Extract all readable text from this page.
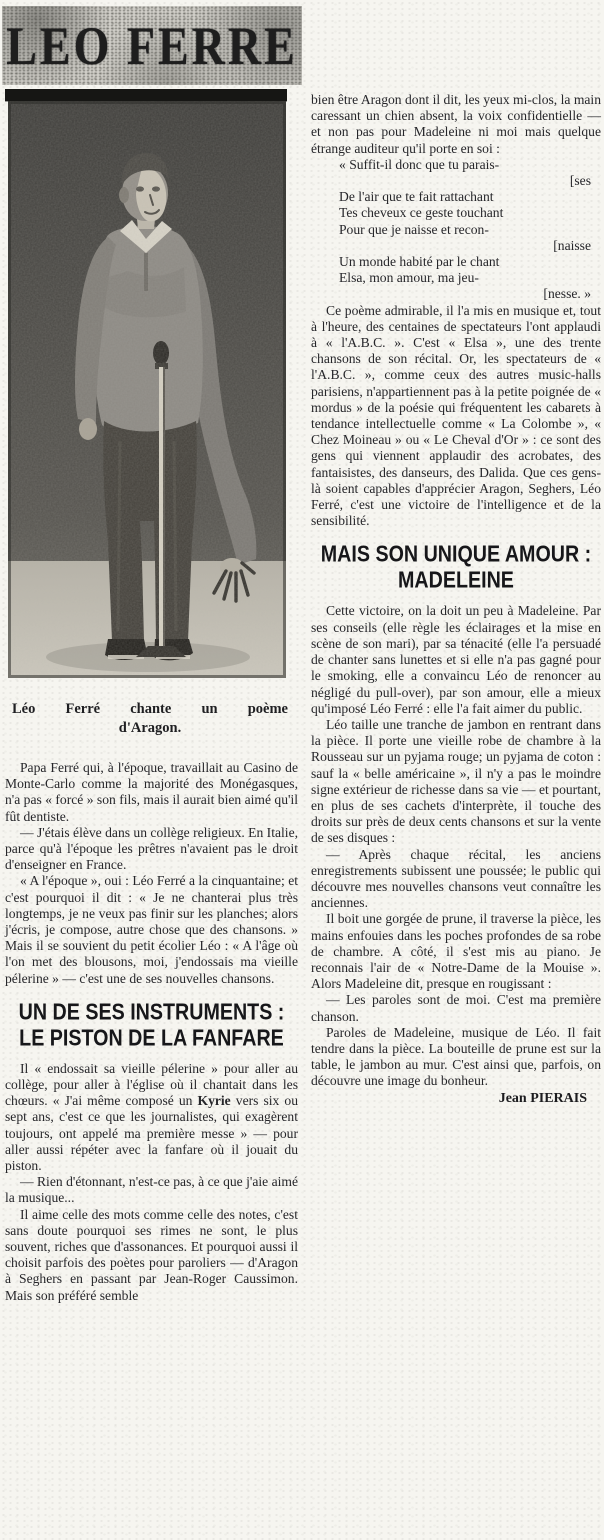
LEO FERRE
Léo Ferré chante un poème
d'Aragon.

Papa Ferré qui, à l'époque, travaillait au Casino de Monte-Carlo comme la majorité des Monégasques, n'a pas « forcé » son fils, mais il aurait bien aimé qu'il fût dentiste.

— J'étais élève dans un collège religieux. En Italie, parce qu'à l'époque les prêtres n'avaient pas le droit d'enseigner en France.

« A l'époque », oui : Léo Ferré a la cinquantaine; et c'est pourquoi il dit : « Je ne chanterai plus très longtemps, je ne veux pas finir sur les planches; alors j'écris, je compose, autre chose que des chansons. » Mais il se souvient du petit écolier Léo : « A l'âge où l'on met des blousons, moi, j'endossais ma vieille pélerine » — c'est une de ses nouvelles chansons.

UN DE SES INSTRUMENTS :
LE PISTON DE LA FANFARE

Il « endossait sa vieille pélerine » pour aller au collège, pour aller à l'église où il chantait dans les chœurs. « J'ai même composé un Kyrie vers six ou sept ans, c'est ce que les journalistes, qui exagèrent toujours, ont appelé ma première messe » — pour aller aussi répéter avec la fanfare où il jouait du piston.

— Rien d'étonnant, n'est-ce pas, à ce que j'aie aimé la musique...

Il aime celle des mots comme celle des notes, c'est sans doute pourquoi ses rimes ne sont, le plus souvent, riches que d'assonances. Et pourquoi aussi il choisit parfois des poètes pour paroliers — d'Aragon à Seghers en passant par Jean-Roger Caussimon. Mais son préféré semble

bien être Aragon dont il dit, les yeux mi-clos, la main caressant un chien absent, la voix confidentielle — et non pas pour Madeleine ni moi mais quelque étrange auditeur qu'il porte en soi :

« Suffit-il donc que tu parais-
[ses
De l'air que te fait rattachant
Tes cheveux ce geste touchant
Pour que je naisse et recon-
[naisse
Un monde habité par le chant
Elsa, mon amour, ma jeu-
[nesse. »

Ce poème admirable, il l'a mis en musique et, tout à l'heure, des centaines de spectateurs l'ont applaudi à « l'A.B.C. ». C'est « Elsa », une des trente chansons de son récital. Or, les spectateurs de « l'A.B.C. », comme ceux des autres music-halls parisiens, n'appartiennent pas à la petite poignée de « mordus » de la poésie qui fréquentent les cabarets à tendance intellectuelle comme « La Colombe », « Chez Moineau » ou « Le Cheval d'Or » : ce sont des gens qui viennent applaudir des acrobates, des fantaisistes, des danseurs, des Dalida. Que ces gens-là soient capables d'apprécier Aragon, Seghers, Léo Ferré, c'est une victoire de l'intelligence et de la sensibilité.

MAIS SON UNIQUE AMOUR :
MADELEINE

Cette victoire, on la doit un peu à Madeleine. Par ses conseils (elle règle les éclairages et la mise en scène de son mari), par sa ténacité (elle l'a persuadé de chanter sans lunettes et si elle n'a pas gagné pour le smoking, elle a convaincu Léo de renoncer au négligé du pull-over), par son amour, elle a mieux qu'imposé Léo Ferré : elle l'a fait aimer du public.

Léo taille une tranche de jambon en rentrant dans la pièce. Il porte une vieille robe de chambre à la Rousseau sur un pyjama rouge; un pyjama de coton : sauf la « belle américaine », il n'y a pas le moindre signe extérieur de richesse dans sa vie — et pourtant, en plus de ses cachets d'interprète, il touche des droits sur près de deux cents chansons et sur la vente de ses disques :

— Après chaque récital, les anciens enregistrements subissent une poussée; le public qui découvre mes nouvelles chansons veut connaître les anciennes.

Il boit une gorgée de prune, il traverse la pièce, les mains enfouies dans les poches profondes de sa robe de chambre. A côté, il s'est mis au piano. Je reconnais l'air de « Notre-Dame de la Mouise ». Alors Madeleine dit, presque en rougissant :

— Les paroles sont de moi. C'est ma première chanson.

Paroles de Madeleine, musique de Léo. Il fait tendre dans la pièce. La bouteille de prune est sur la table, le jambon au mur. C'est ainsi que, parfois, on découvre une image du bonheur.

Jean PIERAIS
